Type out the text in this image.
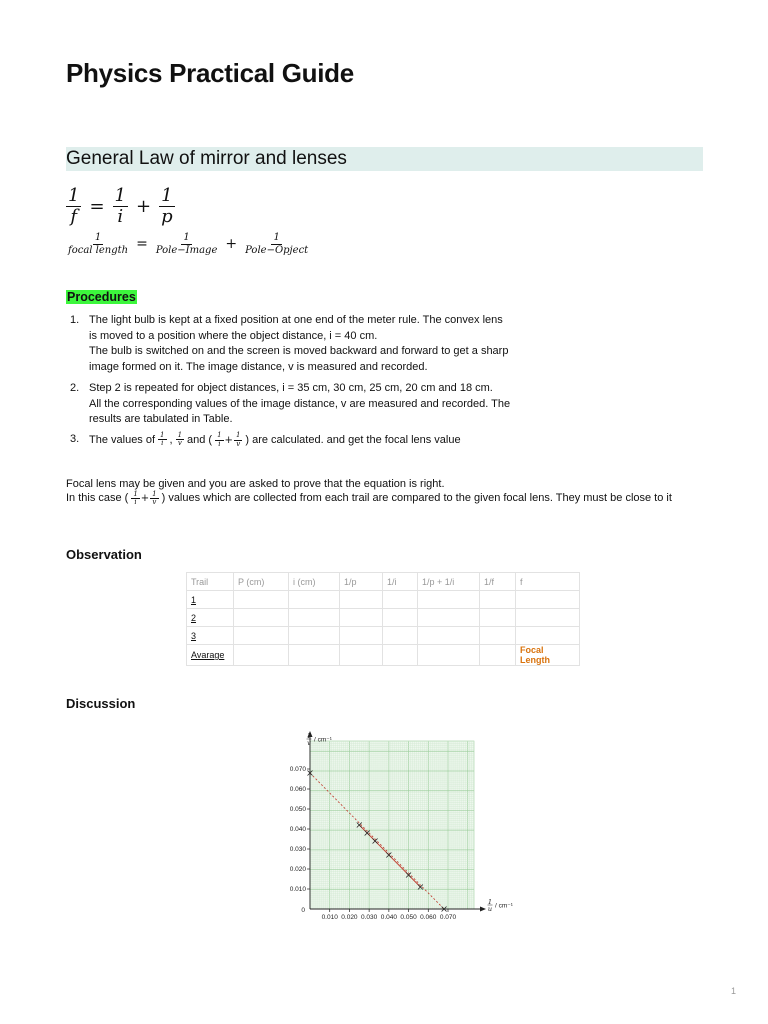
Physics Practical Guide
General Law of mirror and lenses
$\frac{1}{f} = \frac{1}{i} + \frac{1}{p}$
$\frac{1}{\text{focal length}} = \frac{1}{\text{Pole−Image}} + \frac{1}{\text{Pole−Opject}}$
Procedures
1. The light bulb is kept at a fixed position at one end of the meter rule. The convex lens
is moved to a position where the object distance, i = 40 cm.
The bulb is switched on and the screen is moved backward and forward to get a sharp
image formed on it. The image distance, v is measured and recorded.
2. Step 2 is repeated for object distances, i = 35 cm, 30 cm, 25 cm, 20 cm and 18 cm.
All the corresponding values of the image distance, v are measured and recorded. The
results are tabulated in Table.
3. The values of $\frac{1}{i}$ , $\frac{1}{v}$ and ( $\frac{1}{i} + \frac{1}{v}$ ) are calculated. and get the focal lens value
Focal lens may be given and you are asked to prove that the equation is right.
In this case ( $\frac{1}{i} + \frac{1}{v}$ ) values which are collected from each trail are compared to the given focal lens. They must be close to it
Observation
Trail	P (cm)	i (cm)	1/p	1/i	1/p + 1/i	1/f	f
1							
2							
3							
Avarage							Focal Length
Discussion
0.010 0.020 0.030 0.040 0.050 0.060 0.070
0.010
0.020
0.030
0.040
0.050
0.060
0.070
0
1
v / cm⁻¹
1
u / cm⁻¹
1
